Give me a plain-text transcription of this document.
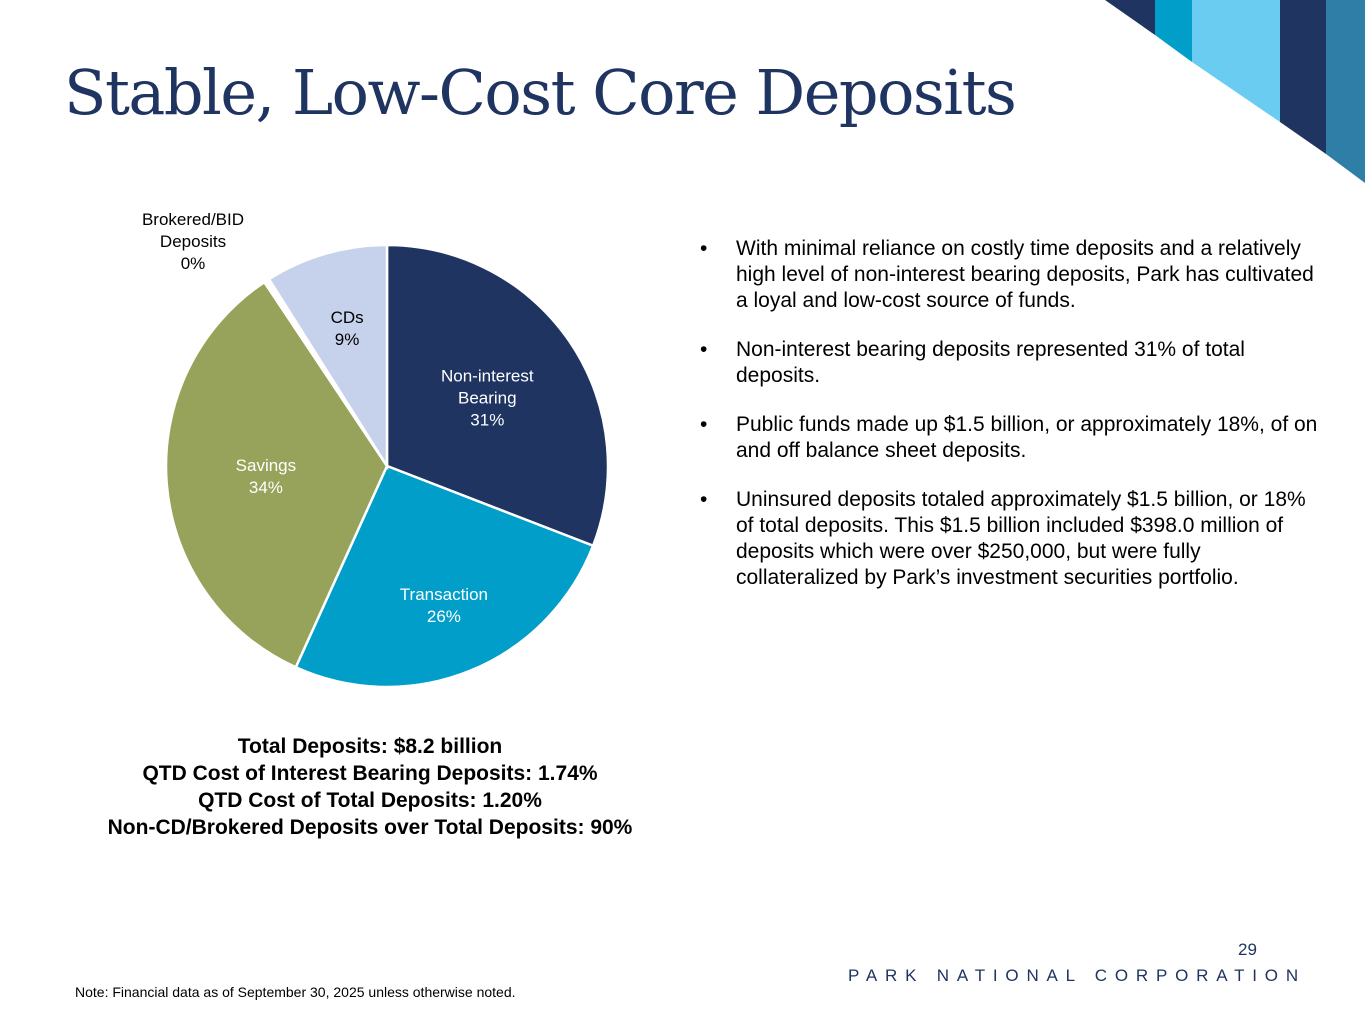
Stable, Low-Cost Core Deposits
Non-interest Bearing 31%
Transaction 26%
Savings 34%
Brokered/BID Deposits 0%
CDs 9%
• With minimal reliance on costly time deposits and a relatively high level of non-interest bearing deposits, Park has cultivated a loyal and low-cost source of funds.
• Non-interest bearing deposits represented 31% of total deposits.
• Public funds made up $1.5 billion, or approximately 18%, of on and off balance sheet deposits.
• Uninsured deposits totaled approximately $1.5 billion, or 18% of total deposits. This $1.5 billion included $398.0 million of deposits which were over $250,000, but were fully collateralized by Park’s investment securities portfolio.
Total Deposits: $8.2 billion
QTD Cost of Interest Bearing Deposits: 1.74%
QTD Cost of Total Deposits: 1.20%
Non-CD/Brokered Deposits over Total Deposits: 90%
29
PARK NATIONAL CORPORATION
Note: Financial data as of September 30, 2025 unless otherwise noted.
